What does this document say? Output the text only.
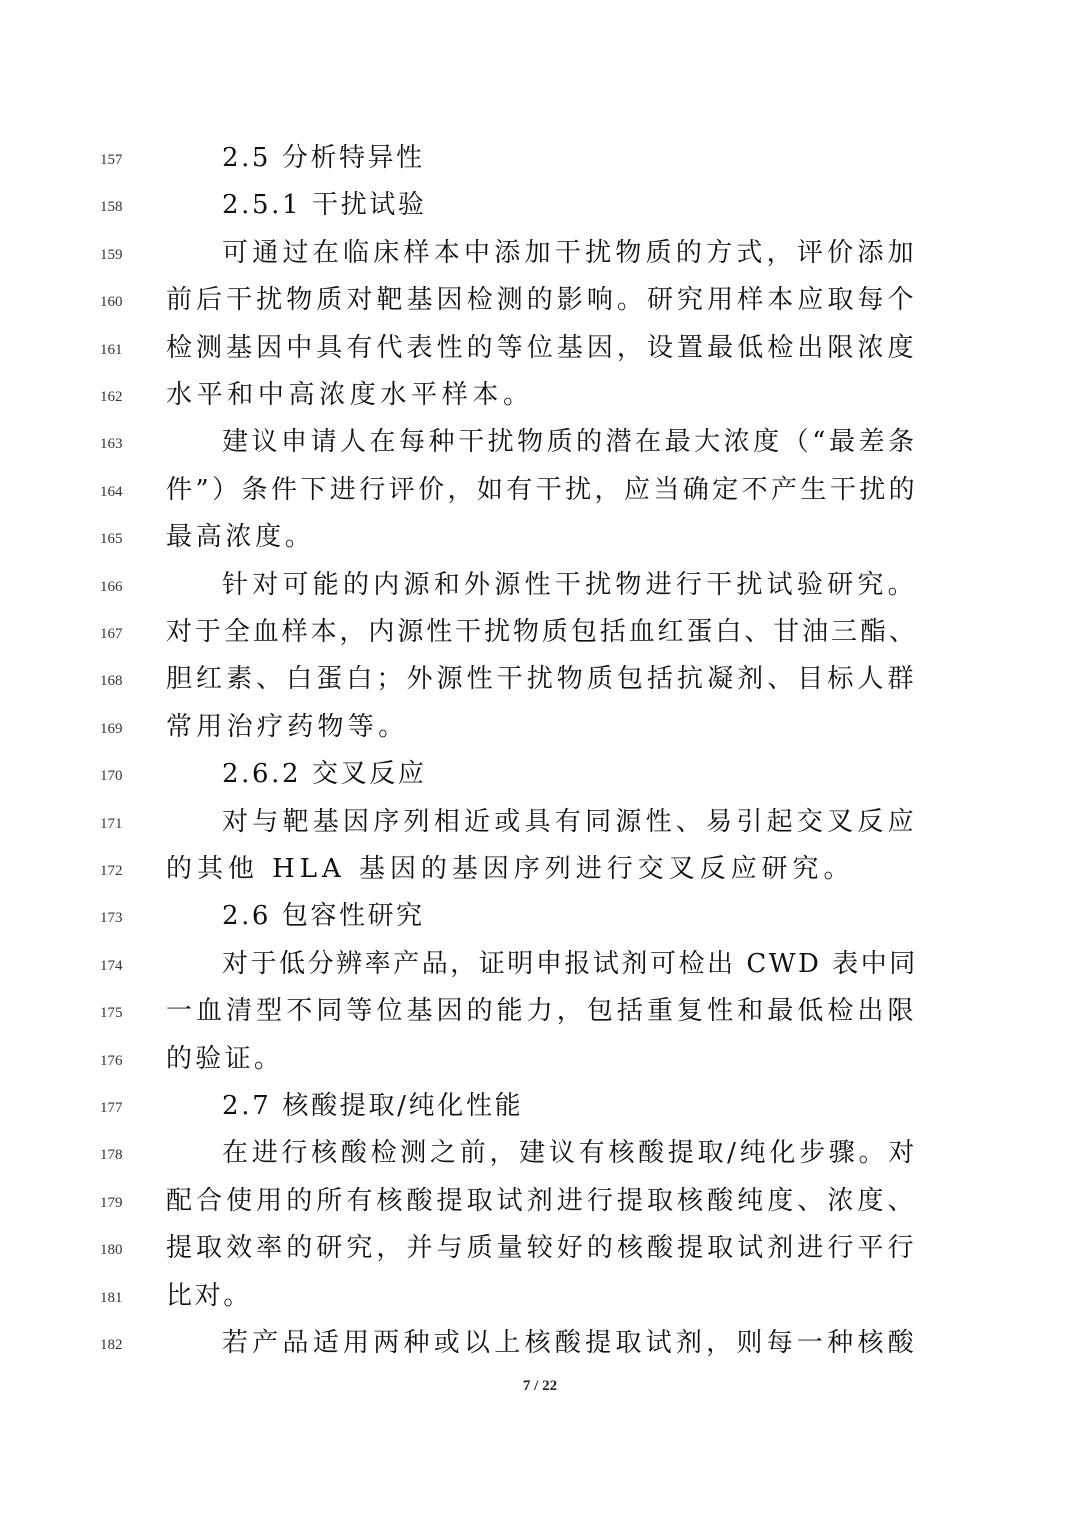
157	2.5 分析特异性
158	2.5.1 干扰试验
159	可通过在临床样本中添加干扰物质的方式，评价添加
160	前后干扰物质对靶基因检测的影响。研究用样本应取每个
161	检测基因中具有代表性的等位基因，设置最低检出限浓度
162	水平和中高浓度水平样本。
163	建议申请人在每种干扰物质的潜在最大浓度（“最差条
164	件”）条件下进行评价，如有干扰，应当确定不产生干扰的
165	最高浓度。
166	针对可能的内源和外源性干扰物进行干扰试验研究。
167	对于全血样本，内源性干扰物质包括血红蛋白、甘油三酯、
168	胆红素、白蛋白；外源性干扰物质包括抗凝剂、目标人群
169	常用治疗药物等。
170	2.6.2 交叉反应
171	对与靶基因序列相近或具有同源性、易引起交叉反应
172	的其他 HLA 基因的基因序列进行交叉反应研究。
173	2.6 包容性研究
174	对于低分辨率产品，证明申报试剂可检出 CWD 表中同
175	一血清型不同等位基因的能力，包括重复性和最低检出限
176	的验证。
177	2.7 核酸提取/纯化性能
178	在进行核酸检测之前，建议有核酸提取/纯化步骤。对
179	配合使用的所有核酸提取试剂进行提取核酸纯度、浓度、
180	提取效率的研究，并与质量较好的核酸提取试剂进行平行
181	比对。
182	若产品适用两种或以上核酸提取试剂，则每一种核酸
7 / 22
